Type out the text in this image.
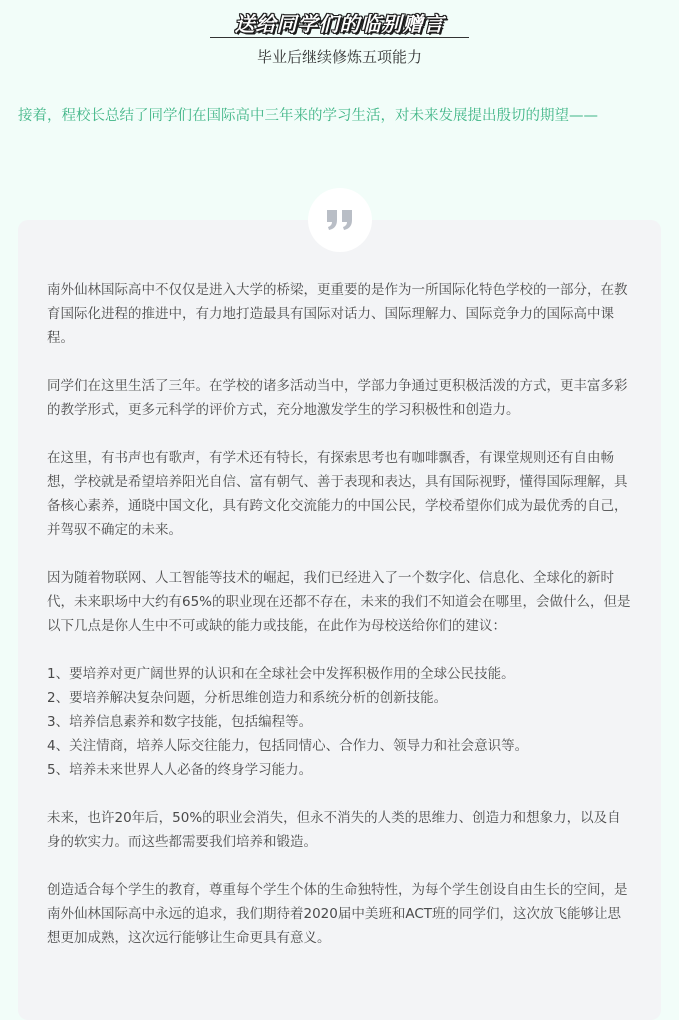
送给同学们的临别赠言
毕业后继续修炼五项能力

接着，程校长总结了同学们在国际高中三年来的学习生活，对未来发展提出殷切的期望——

南外仙林国际高中不仅仅是进入大学的桥梁，更重要的是作为一所国际化特色学校的一部分，在教育国际化进程的推进中，有力地打造最具有国际对话力、国际理解力、国际竞争力的国际高中课程。

同学们在这里生活了三年。在学校的诸多活动当中，学部力争通过更积极活泼的方式，更丰富多彩的教学形式，更多元科学的评价方式，充分地激发学生的学习积极性和创造力。

在这里，有书声也有歌声，有学术还有特长，有探索思考也有咖啡飘香，有课堂规则还有自由畅想，学校就是希望培养阳光自信、富有朝气、善于表现和表达，具有国际视野，懂得国际理解，具备核心素养，通晓中国文化，具有跨文化交流能力的中国公民，学校希望你们成为最优秀的自己，并驾驭不确定的未来。

因为随着物联网、人工智能等技术的崛起，我们已经进入了一个数字化、信息化、全球化的新时代，未来职场中大约有65%的职业现在还都不存在，未来的我们不知道会在哪里，会做什么，但是以下几点是你人生中不可或缺的能力或技能，在此作为母校送给你们的建议：

1、要培养对更广阔世界的认识和在全球社会中发挥积极作用的全球公民技能。

2、要培养解决复杂问题，分析思维创造力和系统分析的创新技能。

3、培养信息素养和数字技能，包括编程等。

4、关注情商，培养人际交往能力，包括同情心、合作力、领导力和社会意识等。

5、培养未来世界人人必备的终身学习能力。

未来，也许20年后，50%的职业会消失，但永不消失的人类的思维力、创造力和想象力，以及自身的软实力。而这些都需要我们培养和锻造。

创造适合每个学生的教育，尊重每个学生个体的生命独特性，为每个学生创设自由生长的空间，是南外仙林国际高中永远的追求，我们期待着2020届中美班和ACT班的同学们，这次放飞能够让思想更加成熟，这次远行能够让生命更具有意义。
